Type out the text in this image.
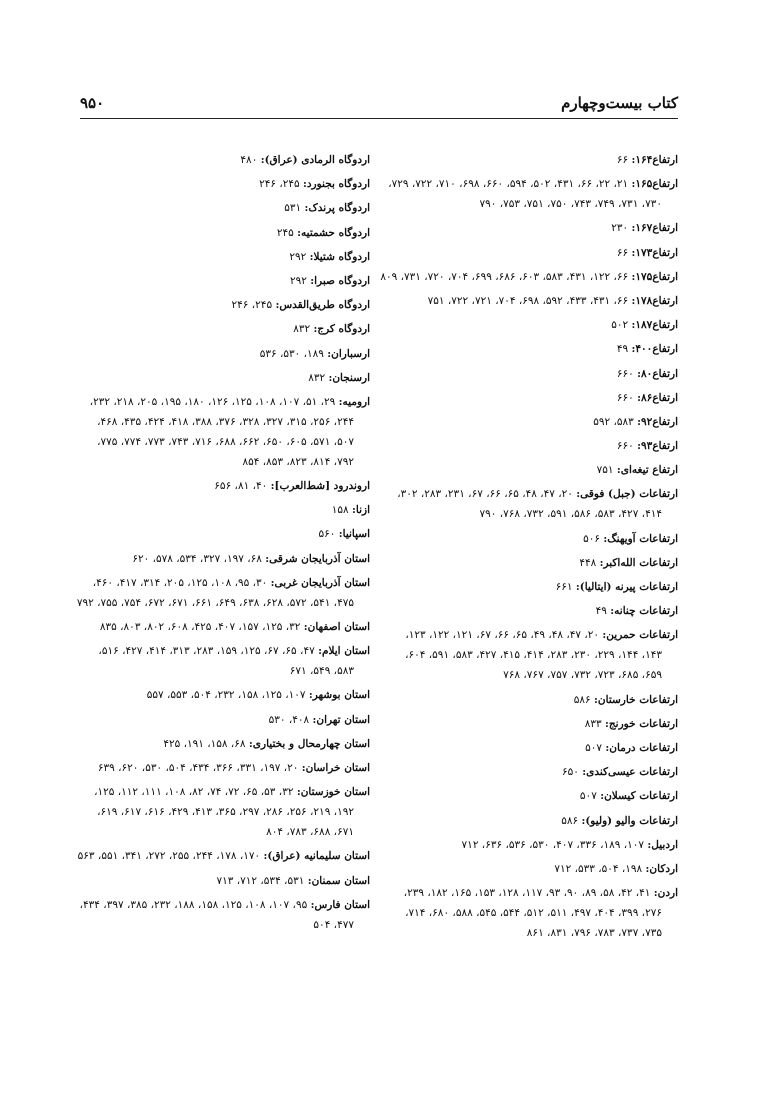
کتاب بیست‌وچهارم
۹۵۰
ارتفاع۱۶۴: ۶۶
ارتفاع۱۶۵: ۲۱، ۲۲، ۶۶، ۴۳۱، ۵۰۲، ۵۹۴، ۶۶۰، ۶۹۸، ۷۱۰، ۷۲۲، ۷۲۹،
۷۳۰، ۷۳۱، ۷۴۹، ۷۴۳، ۷۵۰، ۷۵۱، ۷۵۳، ۷۹۰
ارتفاع۱۶۷: ۲۳۰
ارتفاع۱۷۳: ۶۶
ارتفاع۱۷۵: ۶۶، ۱۲۲، ۴۳۱، ۵۸۳، ۶۰۳، ۶۸۶، ۶۹۹، ۷۰۴، ۷۲۰، ۷۳۱، ۸۰۹
ارتفاع۱۷۸: ۶۶، ۴۳۱، ۴۳۳، ۵۹۲، ۶۹۸، ۷۰۴، ۷۲۱، ۷۲۲، ۷۵۱
ارتفاع۱۸۷: ۵۰۲
ارتفاع۴۰۰: ۴۹
ارتفاع۸۰: ۶۶۰
ارتفاع۸۶: ۶۶۰
ارتفاع۹۲: ۵۸۳، ۵۹۲
ارتفاع۹۳: ۶۶۰
ارتفاع تیغه‌ای: ۷۵۱
ارتفاعات (جبل) فوقی: ۲۰، ۴۷، ۴۸، ۶۵، ۶۶، ۶۷، ۲۳۱، ۲۸۳، ۳۰۲،
۴۱۴، ۴۲۷، ۵۸۳، ۵۸۶، ۵۹۱، ۷۳۲، ۷۶۸، ۷۹۰
ارتفاعات آویهنگ: ۵۰۶
ارتفاعات الله‌اکبر: ۴۴۸
ارتفاعات پیرنه (ایتالیا): ۶۶۱
ارتفاعات چنانه: ۴۹
ارتفاعات حمرین: ۲۰، ۴۷، ۴۸، ۴۹، ۶۵، ۶۶، ۶۷، ۱۲۱، ۱۲۲، ۱۲۳،
۱۴۳، ۱۴۴، ۲۲۹، ۲۳۰، ۲۸۳، ۴۱۴، ۴۱۵، ۴۲۷، ۵۸۳، ۵۹۱، ۶۰۴،
۶۵۹، ۶۸۵، ۷۲۳، ۷۳۲، ۷۵۷، ۷۶۷، ۷۶۸
ارتفاعات خارستان: ۵۸۶
ارتفاعات خورنج: ۸۳۳
ارتفاعات درمان: ۵۰۷
ارتفاعات عیسی‌کندی: ۶۵۰
ارتفاعات کیسلان: ۵۰۷
ارتفاعات والیو (ولیو): ۵۸۶
اردبیل: ۱۰۷، ۱۸۹، ۳۳۶، ۴۰۷، ۵۳۰، ۵۳۶، ۶۳۶، ۷۱۲
اردکان: ۱۹۸، ۵۰۴، ۵۳۳، ۷۱۲
اردن: ۴۱، ۴۲، ۵۸، ۸۹، ۹۰، ۹۳، ۱۱۷، ۱۲۸، ۱۵۳، ۱۶۵، ۱۸۲، ۲۳۹،
۲۷۶، ۳۹۹، ۴۰۴، ۴۹۷، ۵۱۱، ۵۱۲، ۵۴۴، ۵۴۵، ۵۸۸، ۶۸۰، ۷۱۴،
۷۳۵، ۷۳۷، ۷۸۳، ۷۹۶، ۸۳۱، ۸۶۱
اردوگاه الرمادی (عراق): ۴۸۰
اردوگاه بجنورد: ۲۴۵، ۲۴۶
اردوگاه پرندک: ۵۳۱
اردوگاه حشمتیه: ۲۴۵
اردوگاه شتیلا: ۲۹۲
اردوگاه صبرا: ۲۹۲
اردوگاه طریق‌القدس: ۲۴۵، ۲۴۶
اردوگاه کرج: ۸۳۲
ارسباران: ۱۸۹، ۵۳۰، ۵۳۶
ارسنجان: ۸۳۲
ارومیه: ۲۹، ۵۱، ۱۰۷، ۱۰۸، ۱۲۵، ۱۲۶، ۱۸۰، ۱۹۵، ۲۰۵، ۲۱۸، ۲۳۲،
۲۴۴، ۲۵۶، ۳۱۵، ۳۲۷، ۳۲۸، ۳۷۶، ۳۸۸، ۴۱۸، ۴۲۴، ۴۳۵، ۴۶۸،
۵۰۷، ۵۷۱، ۶۰۵، ۶۵۰، ۶۶۲، ۶۸۸، ۷۱۶، ۷۴۳، ۷۷۳، ۷۷۴، ۷۷۵،
۷۹۲، ۸۱۴، ۸۲۳، ۸۵۳، ۸۵۴
اروندرود [شط‌العرب]: ۴۰، ۸۱، ۶۵۶
ازنا: ۱۵۸
اسپانیا: ۵۶۰
استان آذربایجان شرقی: ۶۸، ۱۹۷، ۳۲۷، ۵۳۴، ۵۷۸، ۶۲۰
استان آذربایجان غربی: ۳۰، ۹۵، ۱۰۸، ۱۲۵، ۲۰۵، ۳۱۴، ۴۱۷، ۴۶۰،
۴۷۵، ۵۴۱، ۵۷۲، ۶۲۸، ۶۳۸، ۶۴۹، ۶۶۱، ۶۷۱، ۶۷۲، ۷۵۴، ۷۵۵، ۷۹۲
استان اصفهان: ۳۲، ۱۲۵، ۱۵۷، ۴۰۷، ۴۲۵، ۶۰۸، ۸۰۲، ۸۰۳، ۸۳۵
استان ایلام: ۴۷، ۶۵، ۶۷، ۱۲۵، ۱۵۹، ۲۸۳، ۳۱۳، ۴۱۴، ۴۲۷، ۵۱۶،
۵۸۳، ۵۴۹، ۶۷۱
استان بوشهر: ۱۰۷، ۱۲۵، ۱۵۸، ۲۳۲، ۵۰۴، ۵۵۳، ۵۵۷
استان تهران: ۴۰۸، ۵۳۰
استان چهارمحال و بختیاری: ۶۸، ۱۵۸، ۱۹۱، ۴۲۵
استان خراسان: ۲۰، ۱۹۷، ۳۳۱، ۳۶۶، ۴۳۴، ۵۰۴، ۵۳۰، ۶۲۰، ۶۳۹
استان خوزستان: ۳۲، ۵۳، ۶۵، ۷۲، ۷۴، ۸۲، ۱۰۸، ۱۱۱، ۱۱۲، ۱۲۵،
۱۹۲، ۲۱۹، ۲۵۶، ۲۸۶، ۲۹۷، ۳۶۵، ۴۱۳، ۴۲۹، ۶۱۶، ۶۱۷، ۶۱۹،
۶۷۱، ۶۸۸، ۷۸۳، ۸۰۴
استان سلیمانیه (عراق): ۱۷۰، ۱۷۸، ۲۴۴، ۲۵۵، ۲۷۲، ۳۴۱، ۵۵۱، ۵۶۳
استان سمنان: ۵۳۱، ۵۳۴، ۷۱۲، ۷۱۳
استان فارس: ۹۵، ۱۰۷، ۱۰۸، ۱۲۵، ۱۵۸، ۱۸۸، ۲۳۲، ۳۸۵، ۳۹۷، ۴۳۴،
۴۷۷، ۵۰۴
